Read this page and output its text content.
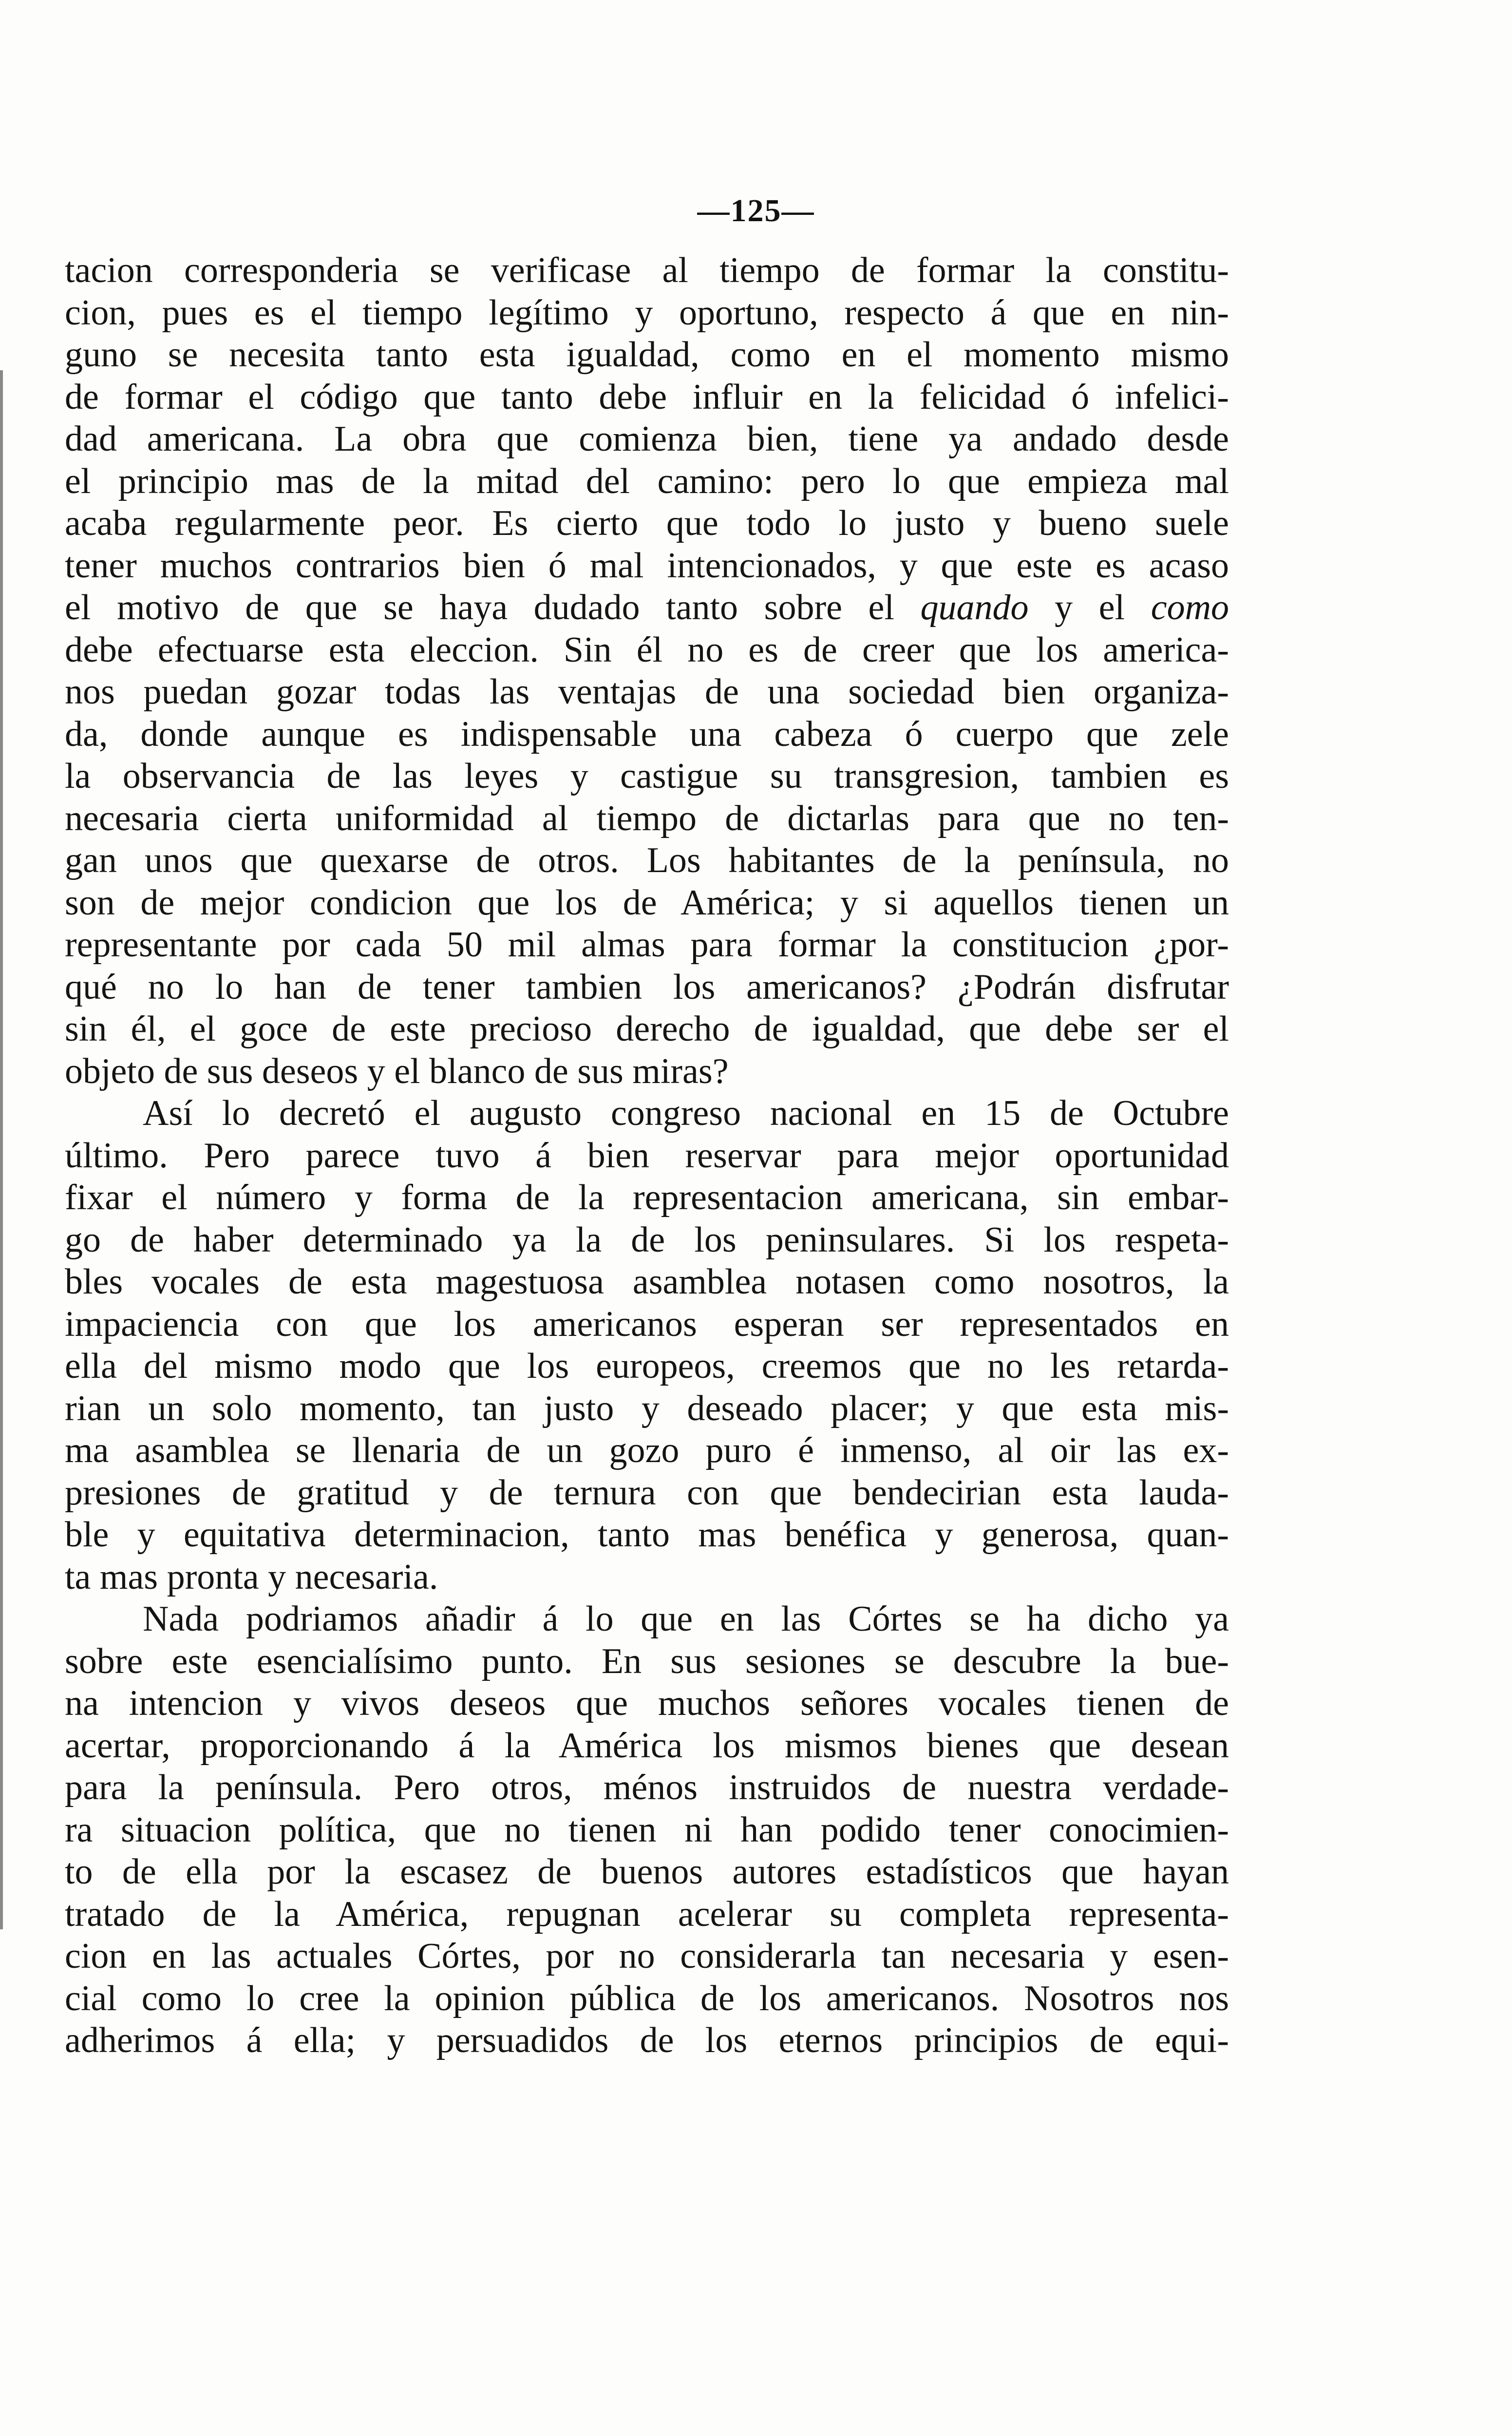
—125—
tacion corresponderia se verificase al tiempo de formar la constitu-
cion, pues es el tiempo legítimo y oportuno, respecto á que en nin-
guno se necesita tanto esta igualdad, como en el momento mismo
de formar el código que tanto debe influir en la felicidad ó infelici-
dad americana. La obra que comienza bien, tiene ya andado desde
el principio mas de la mitad del camino: pero lo que empieza mal
acaba regularmente peor. Es cierto que todo lo justo y bueno suele
tener muchos contrarios bien ó mal intencionados, y que este es acaso
el motivo de que se haya dudado tanto sobre el quando y el como
debe efectuarse esta eleccion. Sin él no es de creer que los america-
nos puedan gozar todas las ventajas de una sociedad bien organiza-
da, donde aunque es indispensable una cabeza ó cuerpo que zele
la observancia de las leyes y castigue su transgresion, tambien es
necesaria cierta uniformidad al tiempo de dictarlas para que no ten-
gan unos que quexarse de otros. Los habitantes de la península, no
son de mejor condicion que los de América; y si aquellos tienen un
representante por cada 50 mil almas para formar la constitucion ¿por-
qué no lo han de tener tambien los americanos? ¿Podrán disfrutar
sin él, el goce de este precioso derecho de igualdad, que debe ser el
objeto de sus deseos y el blanco de sus miras?
Así lo decretó el augusto congreso nacional en 15 de Octubre
último. Pero parece tuvo á bien reservar para mejor oportunidad
fixar el número y forma de la representacion americana, sin embar-
go de haber determinado ya la de los peninsulares. Si los respeta-
bles vocales de esta magestuosa asamblea notasen como nosotros, la
impaciencia con que los americanos esperan ser representados en
ella del mismo modo que los europeos, creemos que no les retarda-
rian un solo momento, tan justo y deseado placer; y que esta mis-
ma asamblea se llenaria de un gozo puro é inmenso, al oir las ex-
presiones de gratitud y de ternura con que bendecirian esta lauda-
ble y equitativa determinacion, tanto mas benéfica y generosa, quan-
ta mas pronta y necesaria.
Nada podriamos añadir á lo que en las Córtes se ha dicho ya
sobre este esencialísimo punto. En sus sesiones se descubre la bue-
na intencion y vivos deseos que muchos señores vocales tienen de
acertar, proporcionando á la América los mismos bienes que desean
para la península. Pero otros, ménos instruidos de nuestra verdade-
ra situacion política, que no tienen ni han podido tener conocimien-
to de ella por la escasez de buenos autores estadísticos que hayan
tratado de la América, repugnan acelerar su completa representa-
cion en las actuales Córtes, por no considerarla tan necesaria y esen-
cial como lo cree la opinion pública de los americanos. Nosotros nos
adherimos á ella; y persuadidos de los eternos principios de equi-
